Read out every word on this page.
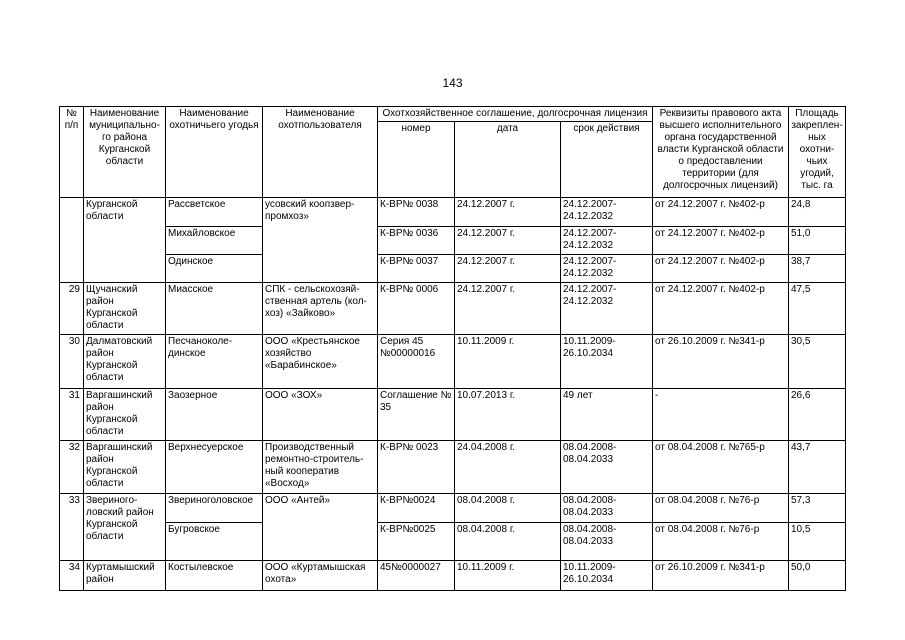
143
№ п/п	Наименование муниципально-го района Курганской области	Наименование охотничьего угодья	Наименование охотпользователя	Охотхозяйственное соглашение, долгосрочная лицензия			Реквизиты правового акта высшего исполнительного органа государственной власти Курганской области о предоставлении территории (для долгосрочных лицензий)	Площадь закреплен-ных охотни-чьих угодий, тыс. га
				номер	дата	срок действия		
	Курганской области	Рассветское	усовский коопзвер-промхоз»	К-ВР№ 0038	24.12.2007 г.	24.12.2007-24.12.2032	от 24.12.2007 г. №402-р	24,8
		Михайловское		К-ВР№ 0036	24.12.2007 г.	24.12.2007-24.12.2032	от 24.12.2007 г. №402-р	51,0
		Одинское		К-ВР№ 0037	24.12.2007 г.	24.12.2007-24.12.2032	от 24.12.2007 г. №402-р	38,7
29	Щучанский район Курганской области	Миасское	СПК - сельскохозяй-ственная артель (кол-хоз) «Зайково»	К-ВР№ 0006	24.12.2007 г.	24.12.2007-24.12.2032	от 24.12.2007 г. №402-р	47,5
30	Далматовский район Курганской области	Песчаноколе-динское	ООО «Крестьянское хозяйство «Барабинское»	Серия 45 №00000016	10.11.2009 г.	10.11.2009-26.10.2034	от 26.10.2009 г. №341-р	30,5
31	Варгашинский район Курганской области	Заозерное	ООО «ЗОХ»	Соглашение № 35	10.07.2013 г.	49 лет	-	26,6
32	Варгашинский район Курганской области	Верхнесуерское	Производственный ремонтно-строитель-ный кооператив «Восход»	К-ВР№ 0023	24.04.2008 г.	08.04.2008-08.04.2033	от 08.04.2008 г. №765-р	43,7
33	Звериного-ловский район Курганской области	Звериноголовское	ООО «Антей»	К-ВР№0024	08.04.2008 г.	08.04.2008-08.04.2033	от 08.04.2008 г. №76-р	57,3
		Бугровское		К-ВР№0025	08.04.2008 г.	08.04.2008-08.04.2033	от 08.04.2008 г. №76-р	10,5
34	Куртамышский район	Костылевское	ООО «Куртамышская охота»	45№0000027	10.11.2009 г.	10.11.2009-26.10.2034	от 26.10.2009 г. №341-р	50,0
